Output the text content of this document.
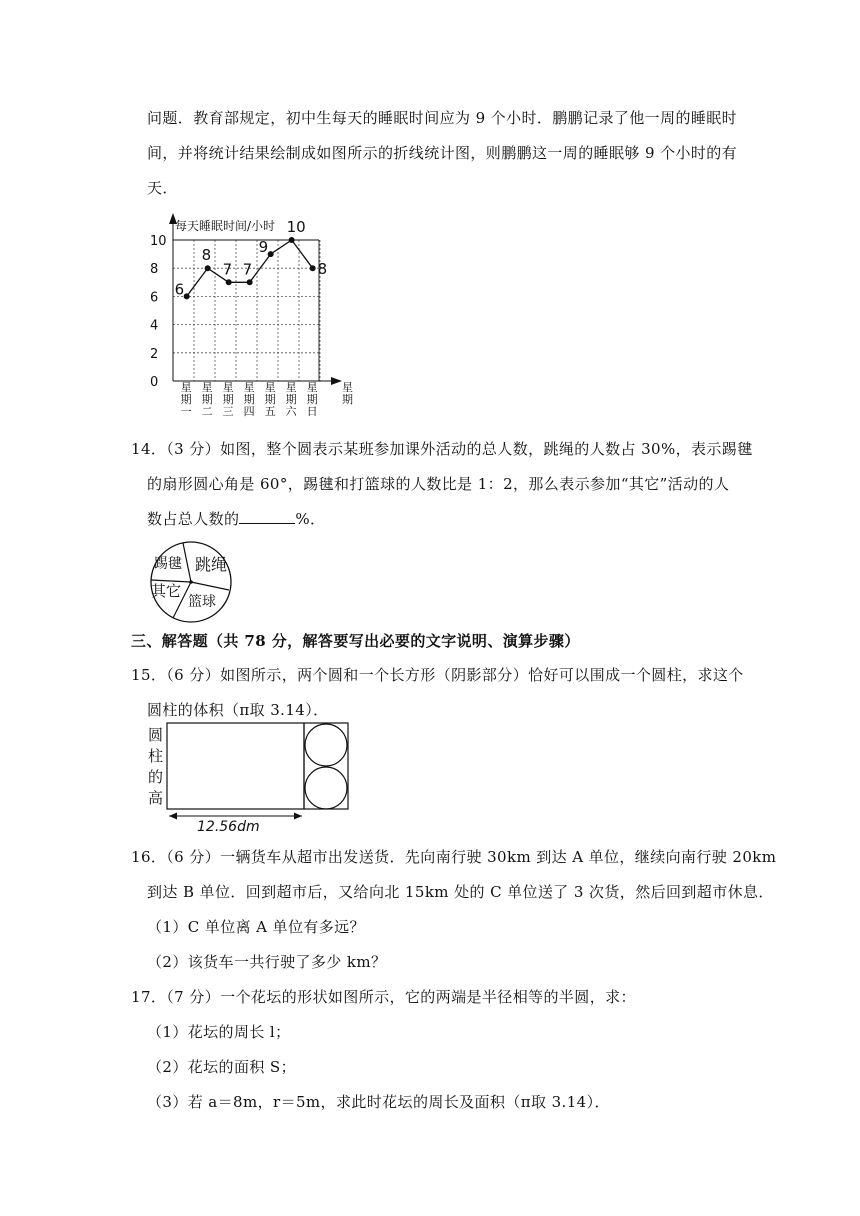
问题．教育部规定，初中生每天的睡眠时间应为 9 个小时．鹏鹏记录了他一周的睡眠时
间，并将统计结果绘制成如图所示的折线统计图，则鹏鹏这一周的睡眠够 9 个小时的有
天．
0
2
4
6
8
10
每天睡眠时间/小时
星
期
一
星
期
二
星
期
三
星
期
四
星
期
五
星
期
六
星
期
日
星
期
6
8
7 7
9
10
8
14．（3 分）如图，整个圆表示某班参加课外活动的总人数，跳绳的人数占 30%，表示踢毽
的扇形圆心角是 60°，踢毽和打篮球的人数比是 1：2，那么表示参加“其它”活动的人
数占总人数的	%．
踢毽 跳绳
其它
篮球
三、解答题（共 78 分，解答要写出必要的文字说明、演算步骤）
15．（6 分）如图所示，两个圆和一个长方形（阴影部分）恰好可以围成一个圆柱，求这个
圆柱的体积（π取 3.14）．
圆
柱
的
高
12.56dm
16．（6 分）一辆货车从超市出发送货．先向南行驶 30km 到达 A 单位，继续向南行驶 20km
到达 B 单位．回到超市后，又给向北 15km 处的 C 单位送了 3 次货，然后回到超市休息．
（1）C 单位离 A 单位有多远？
（2）该货车一共行驶了多少 km？
17．（7 分）一个花坛的形状如图所示，它的两端是半径相等的半圆，求：
（1）花坛的周长 l；
（2）花坛的面积 S；
（3）若 a＝8m，r＝5m，求此时花坛的周长及面积（π取 3.14）．
